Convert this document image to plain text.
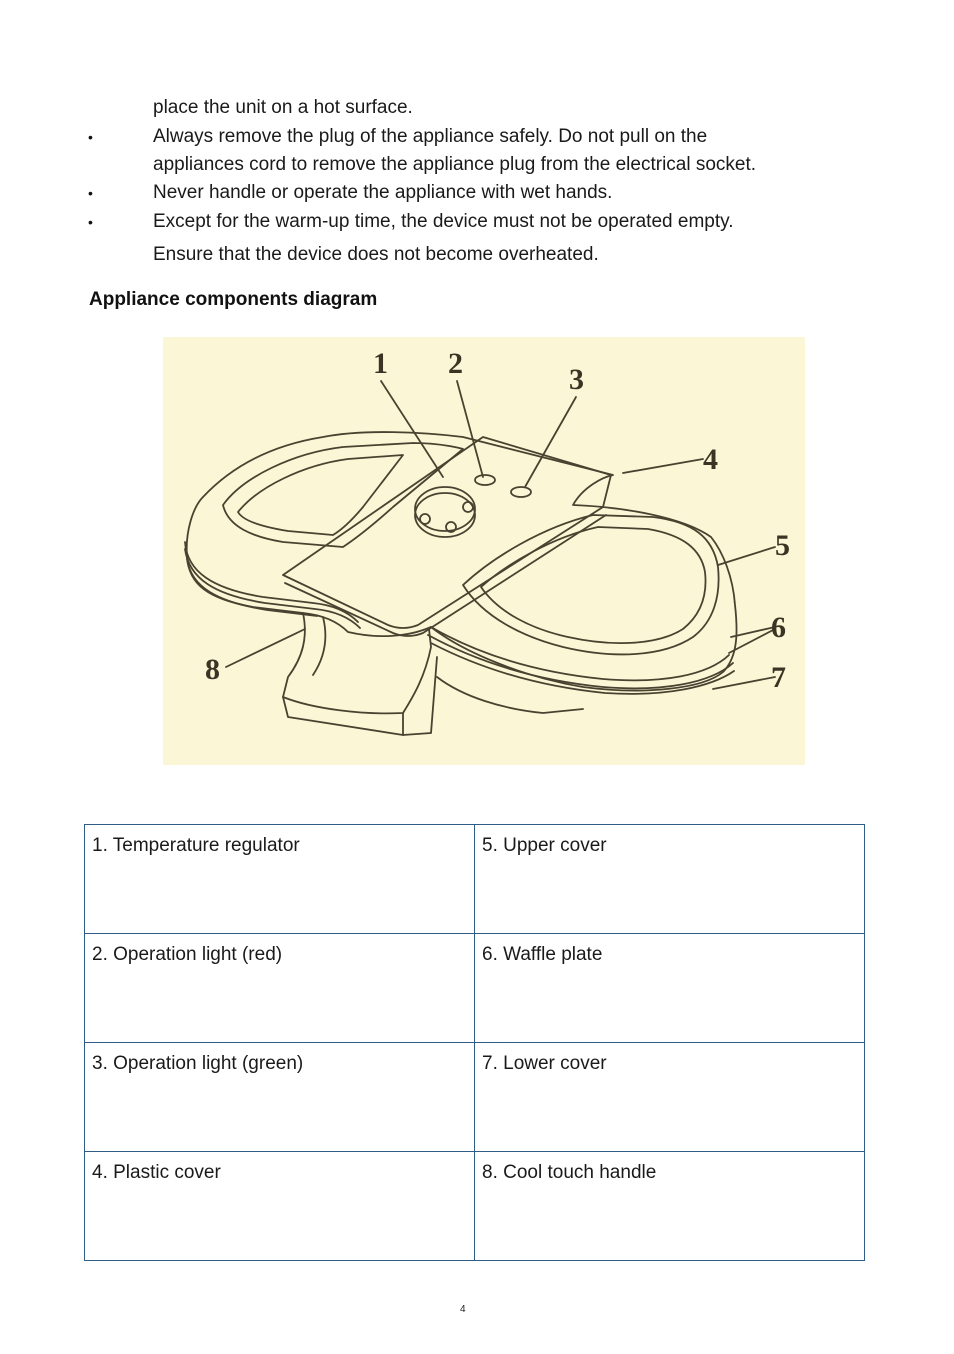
place the unit on a hot surface.
•	Always remove the plug of the appliance safely. Do not pull on the
appliances cord to remove the appliance plug from the electrical socket.
•	Never handle or operate the appliance with wet hands.
•	Except for the warm-up time, the device must not be operated empty.
Ensure that the device does not become overheated.
Appliance components diagram
1 2	3
4
5
6
7
8
1. Temperature regulator	5. Upper cover
2. Operation light (red)	6. Waffle plate
3. Operation light (green)	7. Lower cover
4. Plastic cover	8. Cool touch handle
4
